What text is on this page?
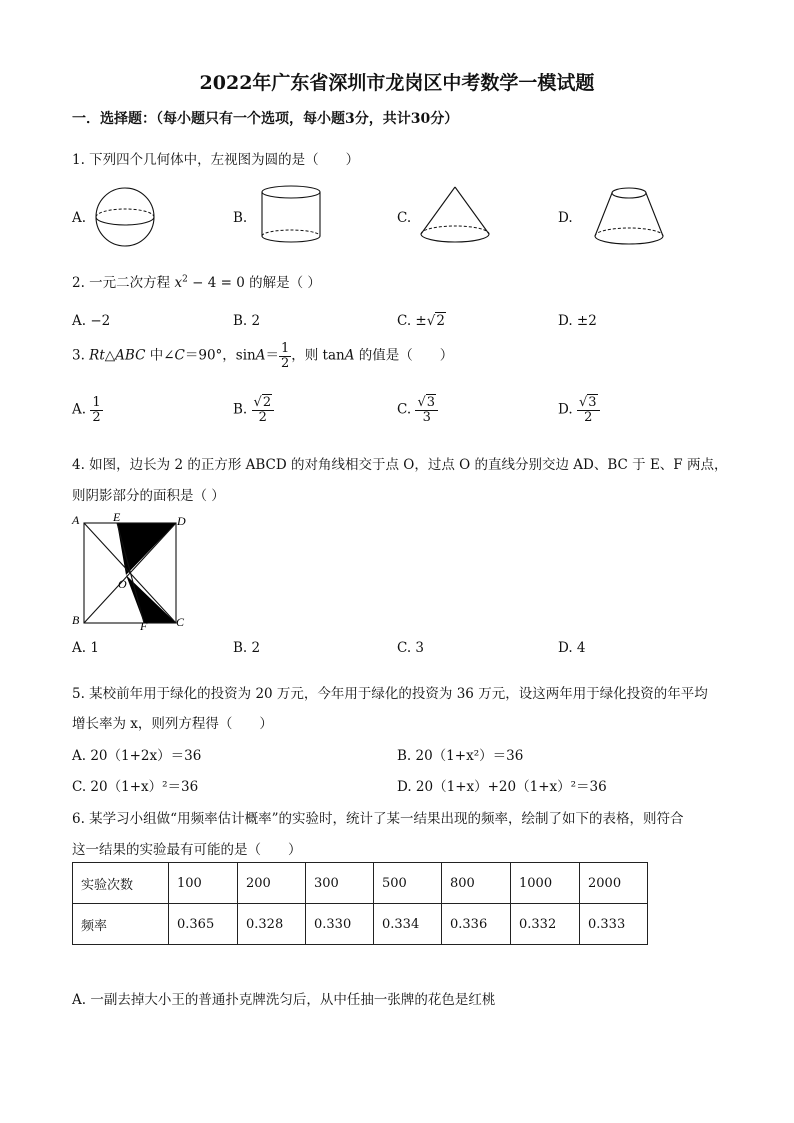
2022年广东省深圳市龙岗区中考数学一模试题
一．选择题：（每小题只有一个选项，每小题3分，共计30分）
1. 下列四个几何体中，左视图为圆的是（　　）
A.	B.	C.	D.
2. 一元二次方程 $x^2 - 4 = 0$ 的解是（ ）
A. −2	B. 2	C. ±√2	D. ±2
3. Rt△ABC 中∠C＝90°，$\sin A= \frac{1}{2}$ ，则 tanA 的值是（　　）
A. $\frac{1}{2}$	B. $\frac{√2}{2}$	C. $\frac{√3}{3}$	D. $\frac{√3}{2}$
4. 如图，边长为 2 的正方形 ABCD 的对角线相交于点 O，过点 O 的直线分别交边 AD、BC 于 E、F 两点，
则阴影部分的面积是（ ）
A	E	D
O
B	F C
A. 1	B. 2	C. 3	D. 4
5. 某校前年用于绿化的投资为 20 万元，今年用于绿化的投资为 36 万元，设这两年用于绿化投资的年平均
增长率为 x，则列方程得（　　）
A. 20（1+2x）＝36	B. 20（1+x²）＝36
C. 20（1+x）²＝36	D. 20（1+x）+20（1+x）²＝36
6. 某学习小组做“用频率估计概率”的实验时，统计了某一结果出现的频率，绘制了如下的表格，则符合
这一结果的实验最有可能的是（　　）
实验次数	100	200	300	500	800	1000	2000
频率	0.365	0.328	0.330	0.334	0.336	0.332	0.333
A. 一副去掉大小王的普通扑克牌洗匀后，从中任抽一张牌的花色是红桃
